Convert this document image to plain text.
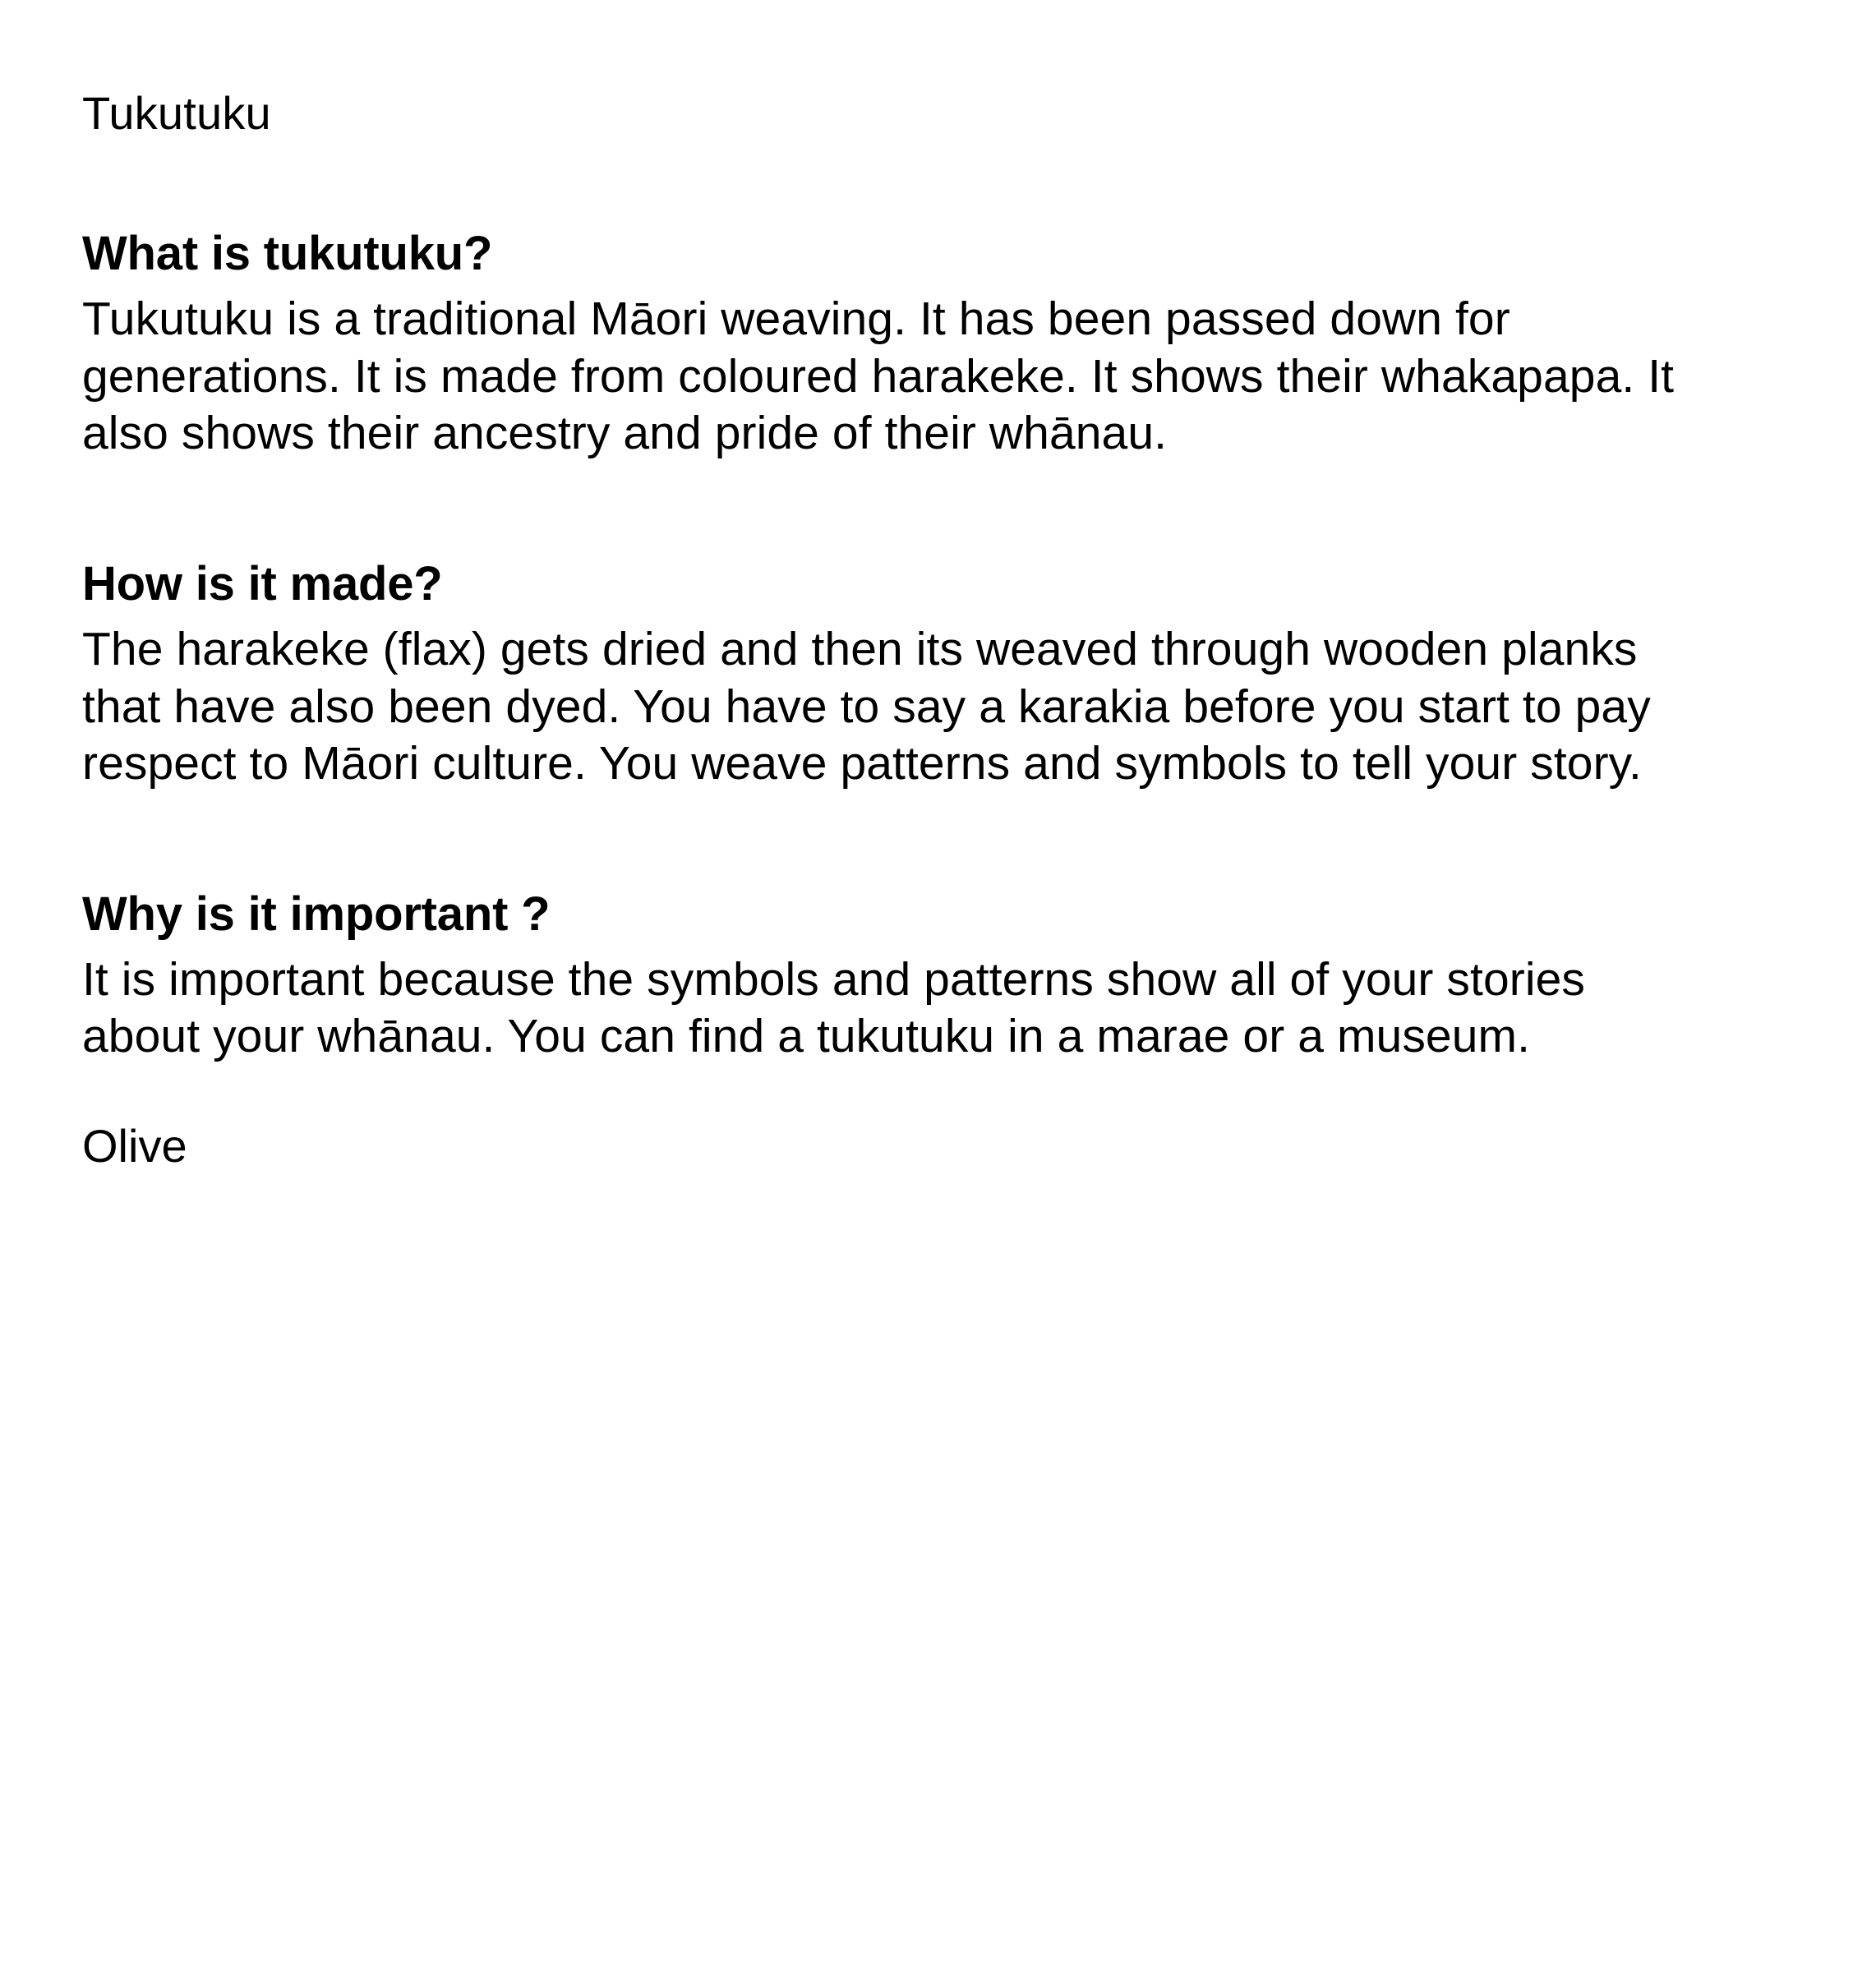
Tukutuku
What is tukutuku?

Tukutuku is a traditional Māori weaving. It has been passed down for generations. It is made from coloured harakeke. It shows their whakapapa. It also shows their ancestry and pride of their whānau.

How is it made?

The harakeke (flax) gets dried and then its weaved through wooden planks that have also been dyed. You have to say a karakia before you start to pay respect to Māori culture. You weave patterns and symbols to tell your story.

Why is it important ?

It is important because the symbols and patterns show all of your stories about your whānau. You can find a tukutuku in a marae or a museum.

Olive
